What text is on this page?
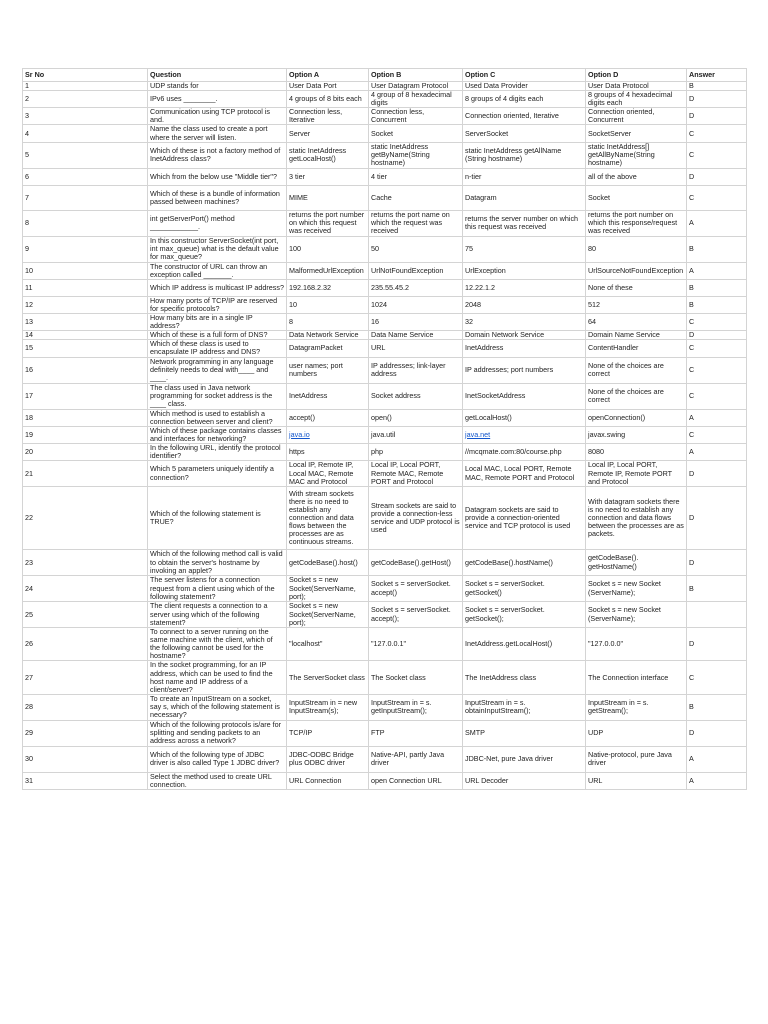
Sr No	Question	Option A	Option B	Option C	Option D	Answer
1	UDP stands for	User Data Port	User Datagram Protocol	Used Data Provider	User Data Protocol	B
2	IPv6 uses ________.	4 groups of 8 bits each	4 group of 8 hexadecimal digits	8 groups of 4 digits each	8 groups of 4 hexadecimal digits each	D
3	Communication using TCP protocol is and.	Connection less, Iterative	Connection less, Concurrent	Connection oriented, Iterative	Connection oriented, Concurrent	D
4	Name the class used to create a port where the server will listen.	Server	Socket	ServerSocket	SocketServer	C
5	Which of these is not a factory method of InetAddress class?	static InetAddress getLocalHost()	static InetAddress getByName(String hostname)	static InetAddress getAllName (String hostname)	static InetAddress[] getAllByName(String hostname)	C
6	Which from the below use "Middle tier"?	3 tier	4 tier	n-tier	all of the above	D
7	Which of these is a bundle of information passed between machines?	MIME	Cache	Datagram	Socket	C
8	int getServerPort() method ____________.	returns the port number on which this request was received	returns the port name on which the request was received	returns the server number on which this request was received	returns the port number on which this response/request was received	A
9	In this constructor ServerSocket(int port, int max_queue) what is the default value for max_queue?	100	50	75	80	B
10	The constructor of URL can throw an exception called _______.	MalformedUrlException	UrlNotFoundException	UrlException	UrlSourceNotFoundException	A
11	Which IP address is multicast IP address?	192.168.2.32	235.55.45.2	12.22.1.2	None of these	B
12	How many ports of TCP/IP are reserved for specific protocols?	10	1024	2048	512	B
13	How many bits are in a single IP address?	8	16	32	64	C
14	Which of these is a full form of DNS?	Data Network Service	Data Name Service	Domain Network Service	Domain Name Service	D
15	Which of these class is used to encapsulate IP address and DNS?	DatagramPacket	URL	InetAddress	ContentHandler	C
16	Network programming in any language definitely needs to deal with____ and ____.	user names; port numbers	IP addresses; link-layer address	IP addresses; port numbers	None of the choices are correct	C
17	The class used in Java network programming for socket address is the ____ class.	InetAddress	Socket address	InetSocketAddress	None of the choices are correct	C
18	Which method is used to establish a connection between server and client?	accept()	open()	getLocalHost()	openConnection()	A
19	Which of these package contains classes and interfaces for networking?	java.io	java.util	java.net	javax.swing	C
20	In the following URL, identify the protocol identifier?	https	php	//mcqmate.com:80/course.php	8080	A
21	Which 5 parameters uniquely identify a connection?	Local IP, Remote IP, Local MAC, Remote MAC and Protocol	Local IP, Local PORT, Remote MAC, Remote PORT and Protocol	Local MAC, Local PORT, Remote MAC, Remote PORT and Protocol	Local IP, Local PORT, Remote IP, Remote PORT and Protocol	D
22	Which of the following statement is TRUE?	With stream sockets there is no need to establish any connection and data flows between the processes are as continuous streams.	Stream sockets are said to provide a connection-less service and UDP protocol is used	Datagram sockets are said to provide a connection-oriented service and TCP protocol is used	With datagram sockets there is no need to establish any connection and data flows between the processes are as packets.	D
23	Which of the following method call is valid to obtain the server's hostname by invoking an applet?	getCodeBase().host()	getCodeBase().getHost()	getCodeBase().hostName()	getCodeBase(). getHostName()	D
24	The server listens for a connection request from a client using which of the following statement?	Socket s = new Socket(ServerName, port);	Socket s = serverSocket. accept()	Socket s = serverSocket. getSocket()	Socket s = new Socket (ServerName);	B
25	The client requests a connection to a server using which of the following statement?	Socket s = new Socket(ServerName, port);	Socket s = serverSocket. accept();	Socket s = serverSocket. getSocket();	Socket s = new Socket (ServerName);	
26	To connect to a server running on the same machine with the client, which of the following cannot be used for the hostname?	"localhost"	"127.0.0.1"	InetAddress.getLocalHost()	"127.0.0.0"	D
27	In the socket programming, for an IP address, which can be used to find the host name and IP address of a client/server?	The ServerSocket class	The Socket class	The InetAddress class	The Connection interface	C
28	To create an InputStream on a socket, say s, which of the following statement is necessary?	InputStream in = new InputStream(s);	InputStream in = s. getInputStream();	InputStream in = s. obtainInputStream();	InputStream in = s. getStream();	B
29	Which of the following protocols is/are for splitting and sending packets to an address across a network?	TCP/IP	FTP	SMTP	UDP	D
30	Which of the following type of JDBC driver is also called Type 1 JDBC driver?	JDBC-ODBC Bridge plus ODBC driver	Native-API, partly Java driver	JDBC-Net, pure Java driver	Native-protocol, pure Java driver	A
31	Select the method used to create URL connection.	URL Connection	open Connection URL	URL Decoder	URL	A
